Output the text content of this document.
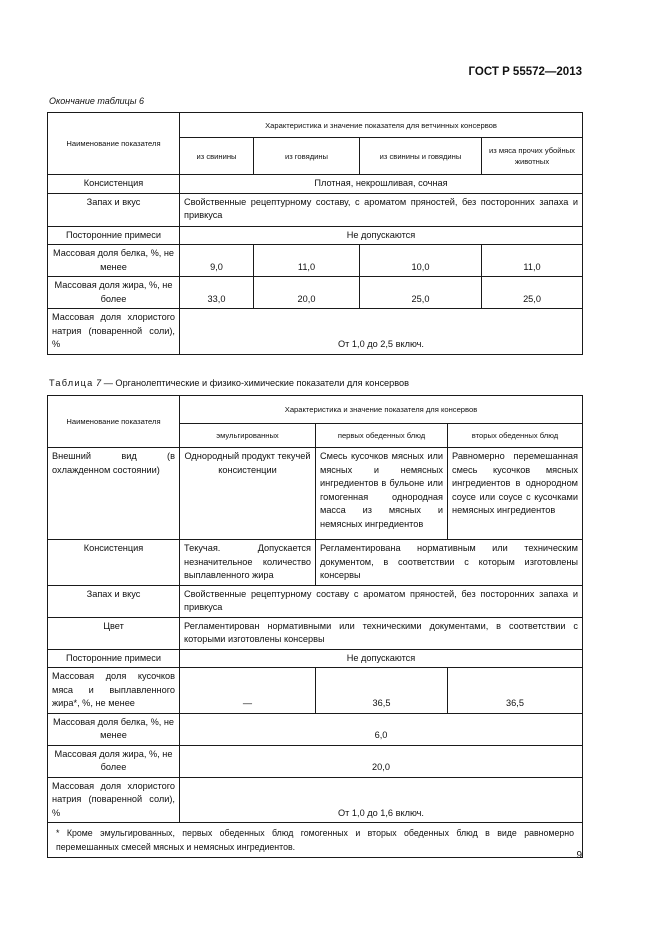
ГОСТ Р 55572—2013
Окончание таблицы 6
Наименование показателя	Характеристика и значение показателя для ветчинных консервов			
	из свинины	из говядины	из свинины и говядины	из мяса прочих убойных животных
Консистенция	Плотная, некрошливая, сочная			
Запах и вкус	Свойственные рецептурному составу, с ароматом пряностей, без посторонних запаха и привкуса			
Посторонние примеси	Не допускаются			
Массовая доля белка, %, не менее	9,0	11,0	10,0	11,0
Массовая доля жира, %, не более	33,0	20,0	25,0	25,0
Массовая доля хлористого натрия (поваренной соли), %	От 1,0 до 2,5 включ.			
Таблица 7 — Органолептические и физико-химические показатели для консервов
Наименование показателя	Характеристика и значение показателя для консервов		
	эмульгированных	первых обеденных блюд	вторых обеденных блюд
Внешний вид (в охлажденном состоянии)	Однородный продукт текучей консистенции	Смесь кусочков мясных или мясных и немясных ингредиентов в бульоне или гомогенная однородная масса из мясных и немясных ингредиентов	Равномерно перемешанная смесь кусочков мясных ингредиентов в однородном соусе или соусе с кусочками немясных ингредиентов
Консистенция	Текучая. Допускается незначительное количество выплавленного жира	Регламентирована нормативным или техническим документом, в соответствии с которым изготовлены консервы	
Запах и вкус	Свойственные рецептурному составу с ароматом пряностей, без посторонних запаха и привкуса		
Цвет	Регламентирован нормативными или техническими документами, в соответствии с которыми изготовлены консервы		
Посторонние примеси	Не допускаются		
Массовая доля кусочков мяса и выплавленного жира*, %, не менее	—	36,5	36,5
Массовая доля белка, %, не менее	6,0		
Массовая доля жира, %, не более	20,0		
Массовая доля хлористого натрия (поваренной соли), %	От 1,0 до 1,6 включ.		
* Кроме эмульгированных, первых обеденных блюд гомогенных и вторых обеденных блюд в виде равномерно перемешанных смесей мясных и немясных ингредиентов.			
9
